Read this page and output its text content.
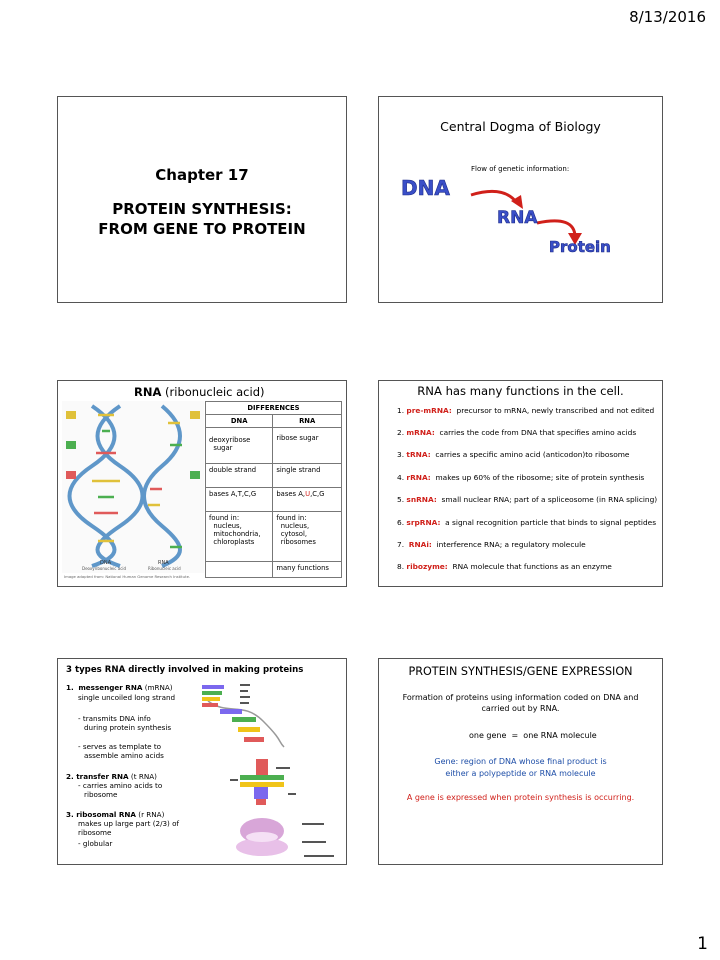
8/13/2016
Chapter 17
PROTEIN SYNTHESIS:
FROM GENE TO PROTEIN
Central Dogma of Biology
Flow of genetic information:
DNA
RNA
Protein
RNA (ribonucleic acid)
DNA	RNA
Deoxyribonucleic acid	Ribonucleic acid
Image adapted from: National Human Genome Research Institute.
DIFFERENCES	
DNA	RNA
deoxyribose
sugar	ribose sugar
double strand	single strand
bases A,T,C,G	bases A,U,C,G
found in:
nucleus,
mitochondria,
chloroplasts	found in:
nucleus,
cytosol,
ribosomes
	many functions
RNA has many functions in the cell.
1. pre-mRNA: precursor to mRNA, newly transcribed and not edited
2. mRNA: carries the code from DNA that specifies amino acids
3. tRNA: carries a specific amino acid (anticodon)to ribosome
4. rRNA: makes up 60% of the ribosome; site of protein synthesis
5. snRNA: small nuclear RNA; part of a spliceosome (in RNA splicing)
6. srpRNA: a signal recognition particle that binds to signal peptides
7. RNAi: interference RNA; a regulatory molecule
8. ribozyme: RNA molecule that functions as an enzyme
3 types RNA directly involved in making proteins
1. messenger RNA (mRNA)
single uncoiled long strand
- transmits DNA info
during protein synthesis
- serves as template to
assemble amino acids
2. transfer RNA (t RNA)
- carries amino acids to
ribosome
3. ribosomal RNA (r RNA)
makes up large part (2/3) of
ribosome
- globular
PROTEIN SYNTHESIS/GENE EXPRESSION
Formation of proteins using information coded on DNA and
carried out by RNA.
one gene  =  one RNA molecule
Gene: region of DNA whose final product is
either a polypeptide or RNA molecule
A gene is expressed when protein synthesis is occurring.
1
